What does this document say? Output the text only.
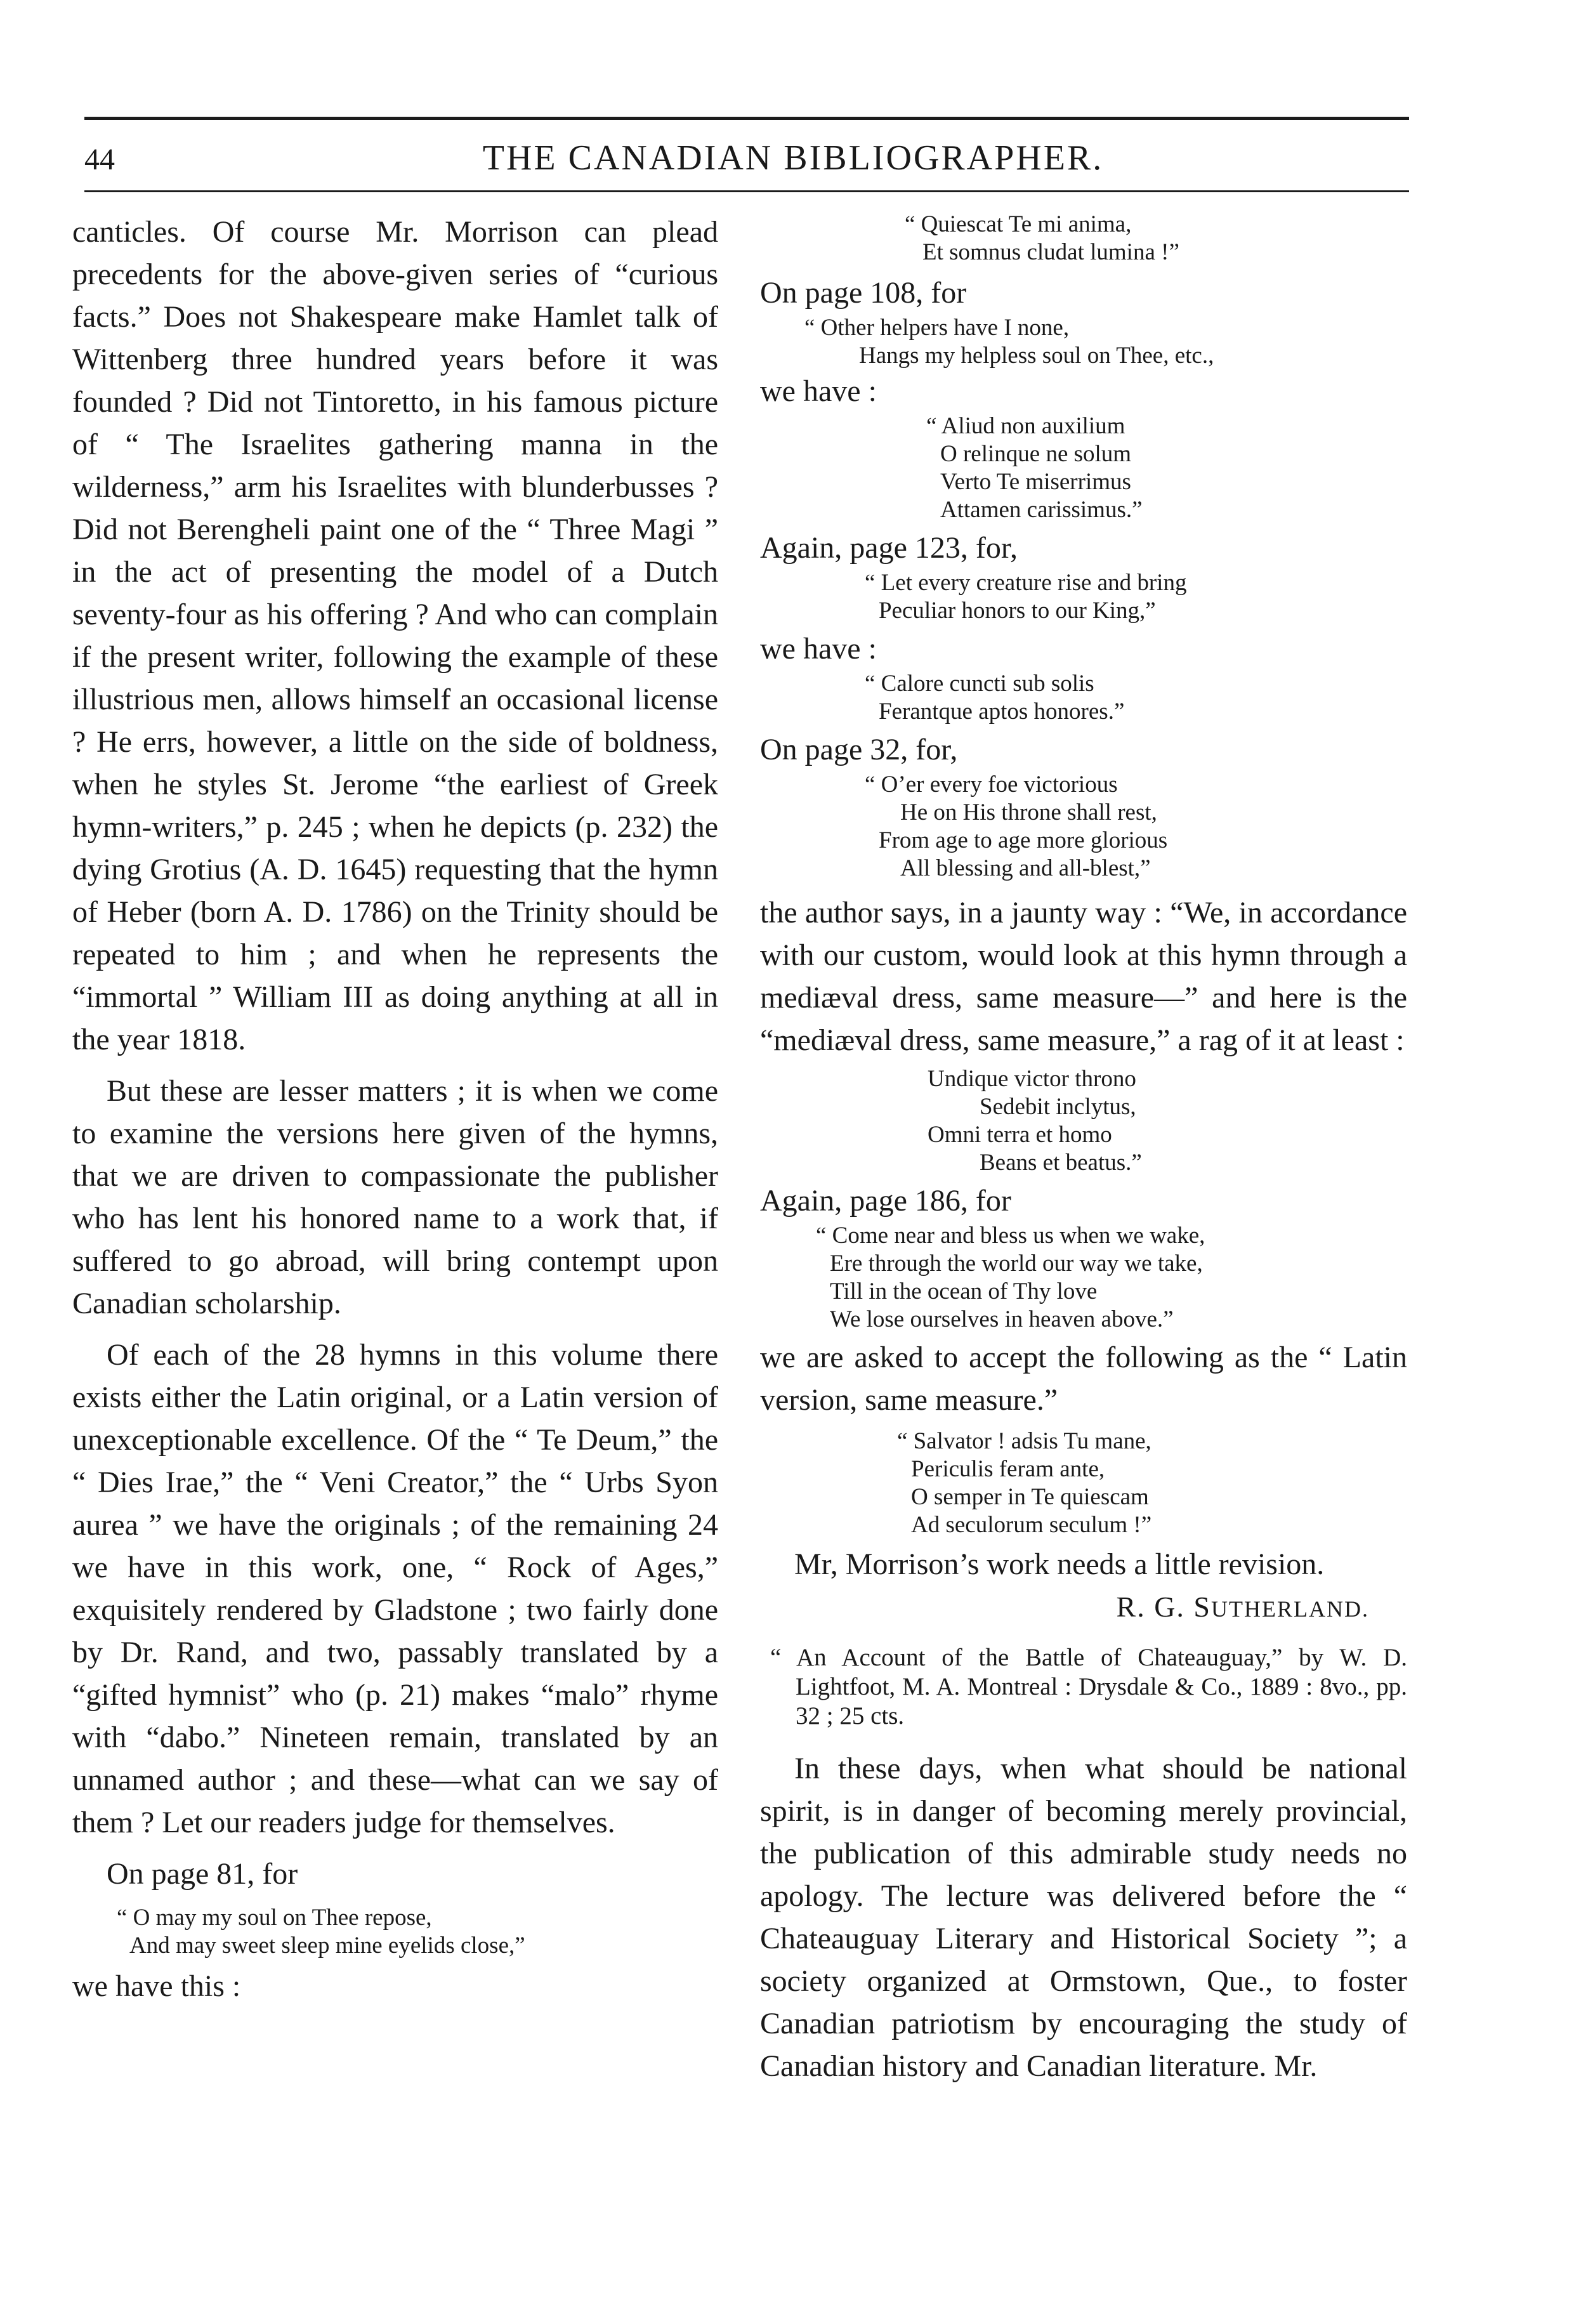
44	THE CANADIAN BIBLIOGRAPHER.

canticles. Of course Mr. Morrison can plead precedents for the above-given series of “curious facts.” Does not Shakespeare make Hamlet talk of Wittenberg three hundred years before it was founded ? Did not Tintoretto, in his famous picture of “ The Israelites gathering manna in the wilderness,” arm his Israelites with blunderbusses ? Did not Berengheli paint one of the “ Three Magi ” in the act of presenting the model of a Dutch seventy-four as his offering ? And who can complain if the present writer, following the example of these illustrious men, allows himself an occasional license ? He errs, however, a little on the side of boldness, when he styles St. Jerome “the earliest of Greek hymn-writers,” p. 245 ; when he depicts (p. 232) the dying Grotius (A. D. 1645) requesting that the hymn of Heber (born A. D. 1786) on the Trinity should be repeated to him ; and when he represents the “immortal ” William III as doing anything at all in the year 1818.

But these are lesser matters ; it is when we come to examine the versions here given of the hymns, that we are driven to compassionate the publisher who has lent his honored name to a work that, if suffered to go abroad, will bring contempt upon Canadian scholarship.

Of each of the 28 hymns in this volume there exists either the Latin original, or a Latin version of unexceptionable excellence. Of the “ Te Deum,” the “ Dies Irae,” the “ Veni Creator,” the “ Urbs Syon aurea ” we have the originals ; of the remaining 24 we have in this work, one, “ Rock of Ages,” exquisitely rendered by Gladstone ; two fairly done by Dr. Rand, and two, passably translated by a “gifted hymnist” who (p. 21) makes “malo” rhyme with “dabo.” Nineteen remain, translated by an unnamed author ; and these—what can we say of them ? Let our readers judge for themselves.

On page 81, for

“ O may my soul on Thee repose,
And may sweet sleep mine eyelids close,”

we have this :

“ Quiescat Te mi anima,
Et somnus cludat lumina !”

On page 108, for

“ Other helpers have I none,
Hangs my helpless soul on Thee, etc.,

we have :

“ Aliud non auxilium
O relinque ne solum
Verto Te miserrimus
Attamen carissimus.”

Again, page 123, for,

“ Let every creature rise and bring
Peculiar honors to our King,”

we have :

“ Calore cuncti sub solis
Ferantque aptos honores.”

On page 32, for,

“ O’er every foe victorious
He on His throne shall rest,
From age to age more glorious
All blessing and all-blest,”

the author says, in a jaunty way : “We, in accordance with our custom, would look at this hymn through a mediæval dress, same measure—” and here is the “mediæval dress, same measure,” a rag of it at least :

Undique victor throno
Sedebit inclytus,
Omni terra et homo
Beans et beatus.”

Again, page 186, for

“ Come near and bless us when we wake,
Ere through the world our way we take,
Till in the ocean of Thy love
We lose ourselves in heaven above.”

we are asked to accept the following as the “ Latin version, same measure.”

“ Salvator ! adsis Tu mane,
Periculis feram ante,
O semper in Te quiescam
Ad seculorum seculum !”

Mr, Morrison’s work needs a little revision.

R. G. SUTHERLAND.

“ An Account of the Battle of Chateauguay,” by W. D. Lightfoot, M. A. Montreal : Drysdale & Co., 1889 : 8vo., pp. 32 ; 25 cts.

In these days, when what should be national spirit, is in danger of becoming merely provincial, the publication of this admirable study needs no apology. The lecture was delivered before the “ Chateauguay Literary and Historical Society ”; a society organized at Ormstown, Que., to foster Canadian patriotism by encouraging the study of Canadian history and Canadian literature. Mr.
